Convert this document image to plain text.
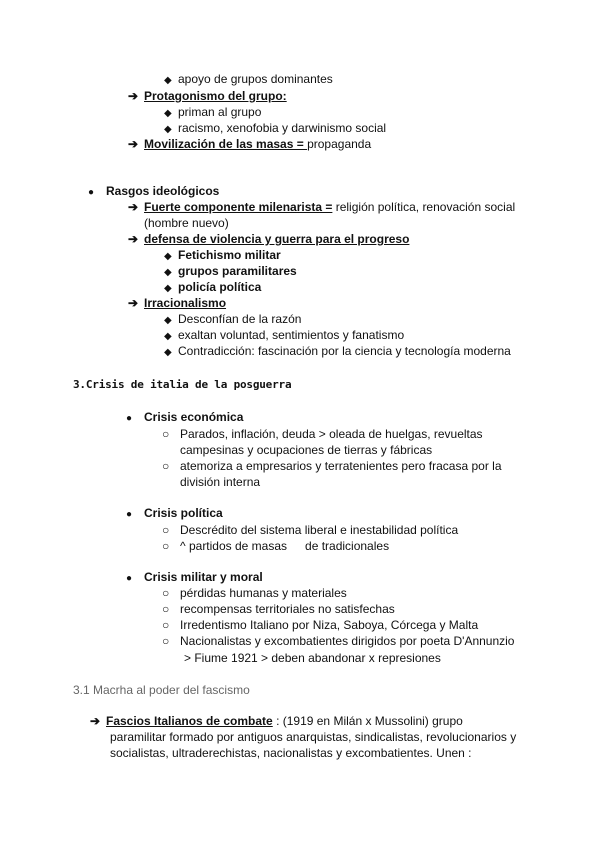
◆ apoyo de grupos dominantes
➔ Protagonismo del grupo:
◆ priman al grupo
◆ racismo, xenofobia y darwinismo social
➔ Movilización de las masas = propaganda
● Rasgos ideológicos
➔ Fuerte componente milenarista = religión política, renovación social
(hombre nuevo)
➔ defensa de violencia y guerra para el progreso
◆ Fetichismo militar
◆ grupos paramilitares
◆ policía política
➔ Irracionalismo
◆ Desconfían de la razón
◆ exaltan voluntad, sentimientos y fanatismo
◆ Contradicción: fascinación por la ciencia y tecnología moderna
3.Crisis de italia de la posguerra
● Crisis económica
○ Parados, inflación, deuda > oleada de huelgas, revueltas
campesinas y ocupaciones de tierras y fábricas
○ atemoriza a empresarios y terratenientes pero fracasa por la
división interna
● Crisis política
○ Descrédito del sistema liberal e inestabilidad política
○ ^ partidos de masas de tradicionales
● Crisis militar y moral
○ pérdidas humanas y materiales
○ recompensas territoriales no satisfechas
○ Irredentismo Italiano por Niza, Saboya, Córcega y Malta
○ Nacionalistas y excombatientes dirigidos por poeta D'Annunzio
> Fiume 1921 > deben abandonar x represiones
3.1 Macrha al poder del fascismo
➔ Fascios Italianos de combate : (1919 en Milán x Mussolini) grupo
paramilitar formado por antiguos anarquistas, sindicalistas, revolucionarios y
socialistas, ultraderechistas, nacionalistas y excombatientes. Unen :
